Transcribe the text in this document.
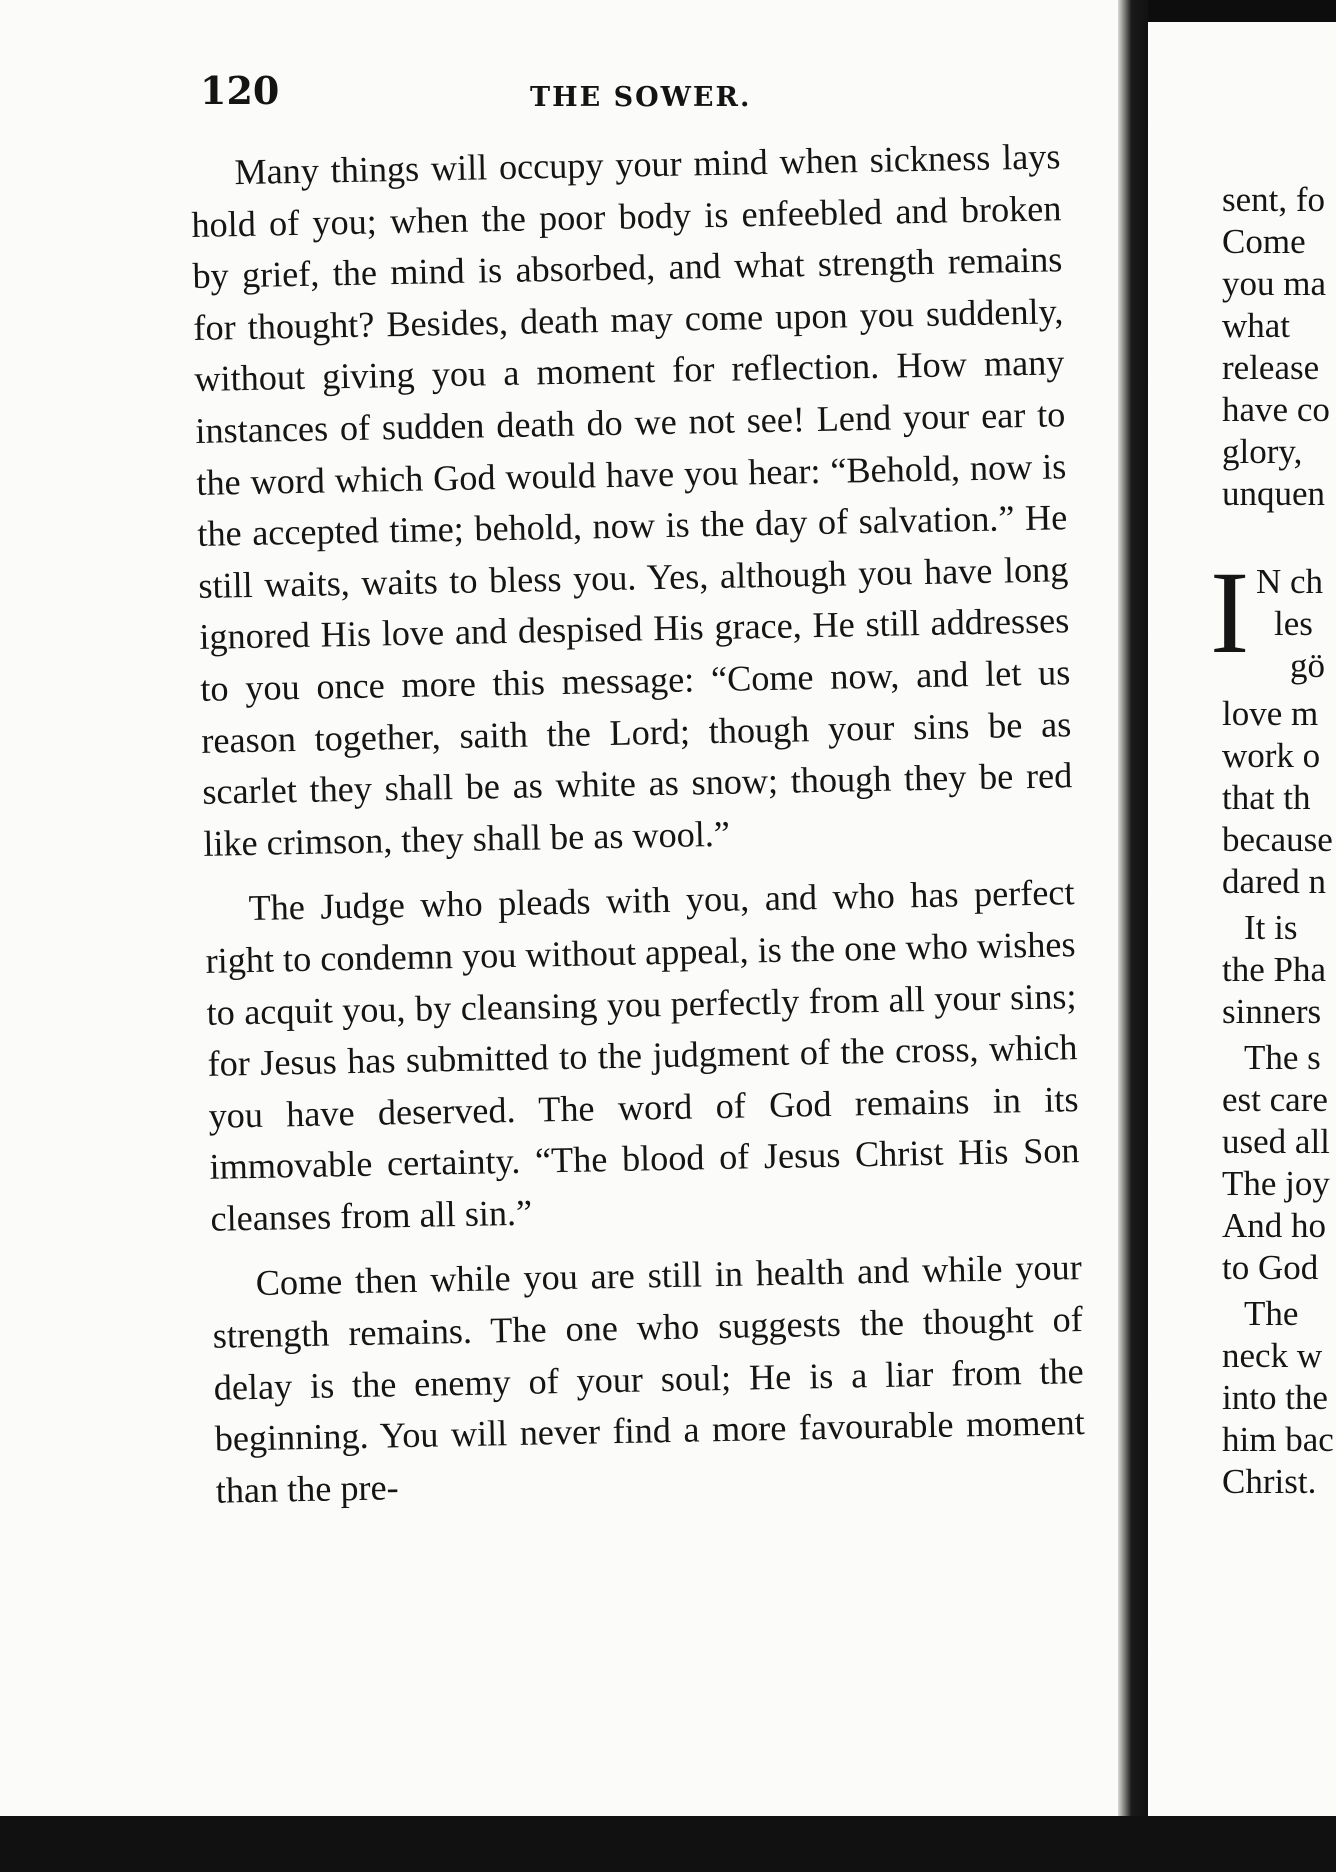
120	THE SOWER.

Many things will occupy your mind when sickness lays hold of you; when the poor body is enfeebled and broken by grief, the mind is absorbed, and what strength remains for thought? Besides, death may come upon you suddenly, without giving you a moment for reflection. How many instances of sudden death do we not see! Lend your ear to the word which God would have you hear: “Behold, now is the accepted time; behold, now is the day of salvation.” He still waits, waits to bless you. Yes, although you have long ignored His love and despised His grace, He still addresses to you once more this message: “Come now, and let us reason together, saith the Lord; though your sins be as scarlet they shall be as white as snow; though they be red like crimson, they shall be as wool.”

The Judge who pleads with you, and who has perfect right to condemn you without appeal, is the one who wishes to acquit you, by cleansing you perfectly from all your sins; for Jesus has submitted to the judgment of the cross, which you have deserved. The word of God remains in its immovable certainty. “The blood of Jesus Christ His Son cleanses from all sin.”

Come then while you are still in health and while your strength remains. The one who suggests the thought of delay is the enemy of your soul; He is a liar from the beginning. You will never find a more favourable moment than the pre-

sent, fo
Come
you ma
what
release
have co
glory,
unquen
I N ch
les
gö
love m
work o
that th
because
dared n
It is
the Pha
sinners
The s
est care
used all
The joy
And ho
to God
The
neck w
into the
him bac
Christ.
